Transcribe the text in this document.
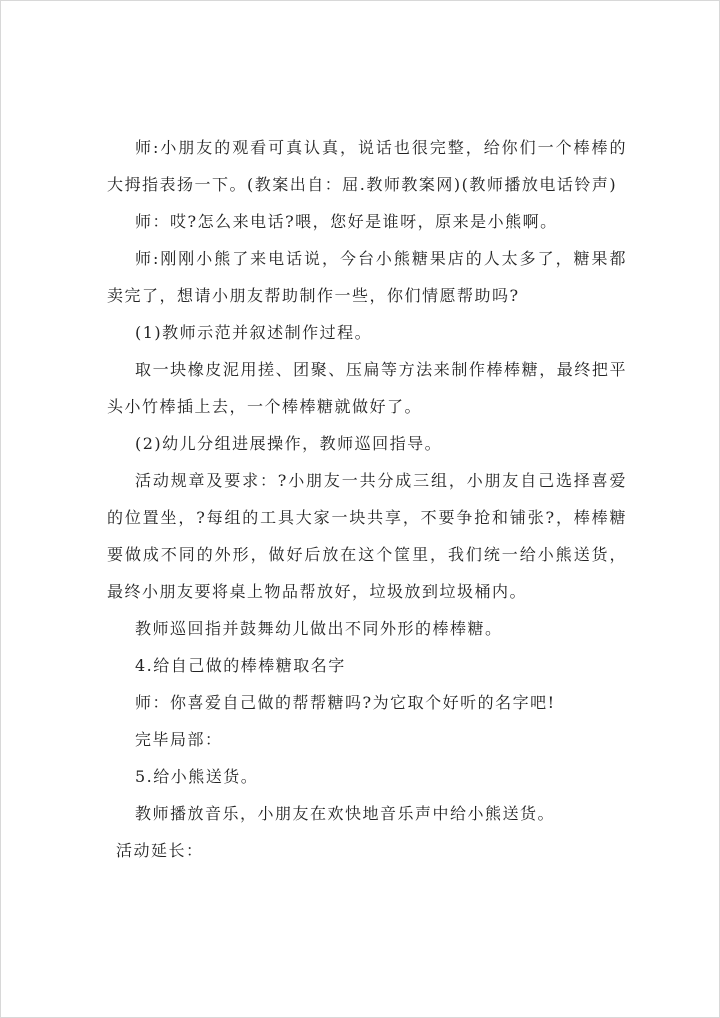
师:小朋友的观看可真认真，说话也很完整，给你们一个棒棒的大拇指表扬一下。(教案出自：屈.教师教案网)(教师播放电话铃声)

师：哎?怎么来电话?喂，您好是谁呀，原来是小熊啊。

师:刚刚小熊了来电话说，今台小熊糖果店的人太多了，糖果都卖完了，想请小朋友帮助制作一些，你们情愿帮助吗?

(1)教师示范并叙述制作过程。

取一块橡皮泥用搓、团聚、压扁等方法来制作棒棒糖，最终把平头小竹棒插上去，一个棒棒糖就做好了。

(2)幼儿分组进展操作，教师巡回指导。

活动规章及要求：?小朋友一共分成三组，小朋友自己选择喜爱的位置坐，?每组的工具大家一块共享，不要争抢和铺张?，棒棒糖要做成不同的外形，做好后放在这个筐里，我们统一给小熊送货，最终小朋友要将桌上物品帮放好，垃圾放到垃圾桶内。

教师巡回指并鼓舞幼儿做出不同外形的棒棒糖。

4.给自己做的棒棒糖取名字

师：你喜爱自己做的帮帮糖吗?为它取个好听的名字吧!

完毕局部：

5.给小熊送货。

教师播放音乐，小朋友在欢快地音乐声中给小熊送货。

活动延长：
